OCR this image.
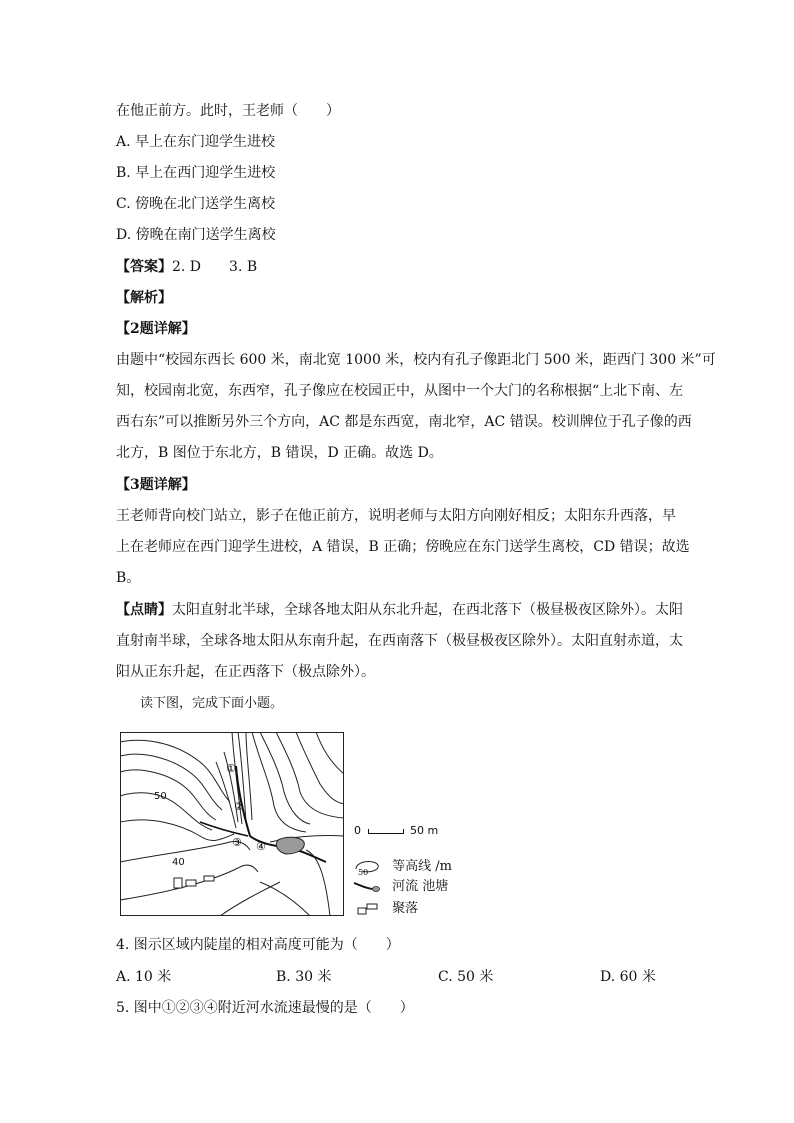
在他正前方。此时，王老师（　　）
A. 早上在东门迎学生进校
B. 早上在西门迎学生进校
C. 傍晚在北门送学生离校
D. 傍晚在南门送学生离校
【答案】2. D　　3. B
【解析】
【2题详解】
由题中“校园东西长 600 米，南北宽 1000 米，校内有孔子像距北门 500 米，距西门 300 米”可
知，校园南北宽，东西窄，孔子像应在校园正中，从图中一个大门的名称根据“上北下南、左
西右东”可以推断另外三个方向，AC 都是东西宽，南北窄，AC 错误。校训牌位于孔子像的西
北方，B 图位于东北方，B 错误，D 正确。故选 D。
【3题详解】
王老师背向校门站立，影子在他正前方，说明老师与太阳方向刚好相反；太阳东升西落，早
上在老师应在西门迎学生进校，A 错误，B 正确；傍晚应在东门送学生离校，CD 错误；故选
B。
【点睛】太阳直射北半球，全球各地太阳从东北升起，在西北落下（极昼极夜区除外）。太阳
直射南半球，全球各地太阳从东南升起，在西南落下（极昼极夜区除外）。太阳直射赤道，太
阳从正东升起，在正西落下（极点除外）。
读下图，完成下面小题。
①
②
③ ④
50
40
0	50 m
50 等高线 /m
河流 池塘
聚落
4. 图示区域内陡崖的相对高度可能为（　　）
A. 10 米	B. 30 米	C. 50 米	D. 60 米
5. 图中①②③④附近河水流速最慢的是（　　）
